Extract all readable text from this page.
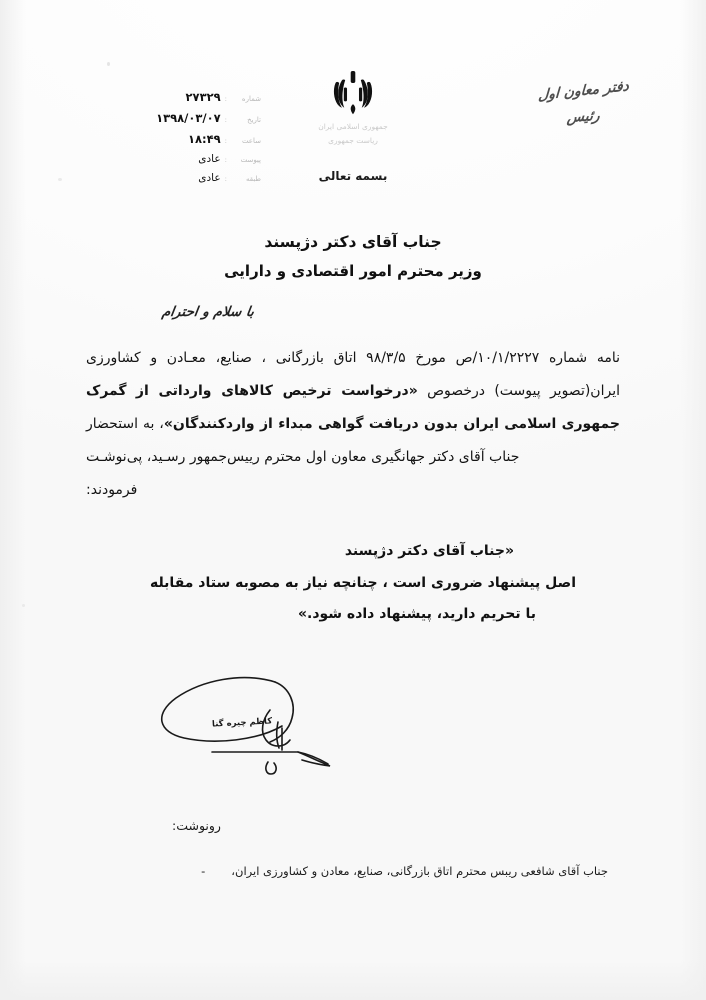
شماره
:
۲۷۳۲۹
تاریخ
:
۱۳۹۸/۰۳/۰۷
ساعت
:
۱۸:۴۹
پیوست
:
عادی
طبقه
:
عادی
جمهوری اسلامی ایران
ریاست جمهوری
بسمه تعالی
دفتر معاون اول
رئیس
جناب آقای دکتر دژپسند
وزیر محترم امور اقتصادی و دارایی
با سلام و احترام
نامه شماره ۱۰/۱/۲۲۲۷/ص مورخ ۹۸/۳/۵ اتاق بازرگانی ، صنایع، معـادن و کشاورزی ایران(تصویر پیوست) درخصوص «درخواست ترخیص کالاهای وارداتی از گمرک جمهوری اسلامی ایران بدون دریافت گواهی مبداء از واردکنندگان»، به استحضار جناب آقای دکتر جهانگیری معاون اول محترم رییس‌جمهور رسـید، پی‌نوشـت
فرمودند:
«جناب آقای دکتر دژپسند
اصل پیشنهاد ضروری است ، چنانچه نیاز به مصوبه ستاد مقابله
با تحریم دارید، پیشنهاد داده شود.»
کاظم چیره گنا
رونوشت:
- جناب آقای شافعی ریبس محترم اتاق بازرگانی، صنایع، معادن و کشاورزی ایران،
